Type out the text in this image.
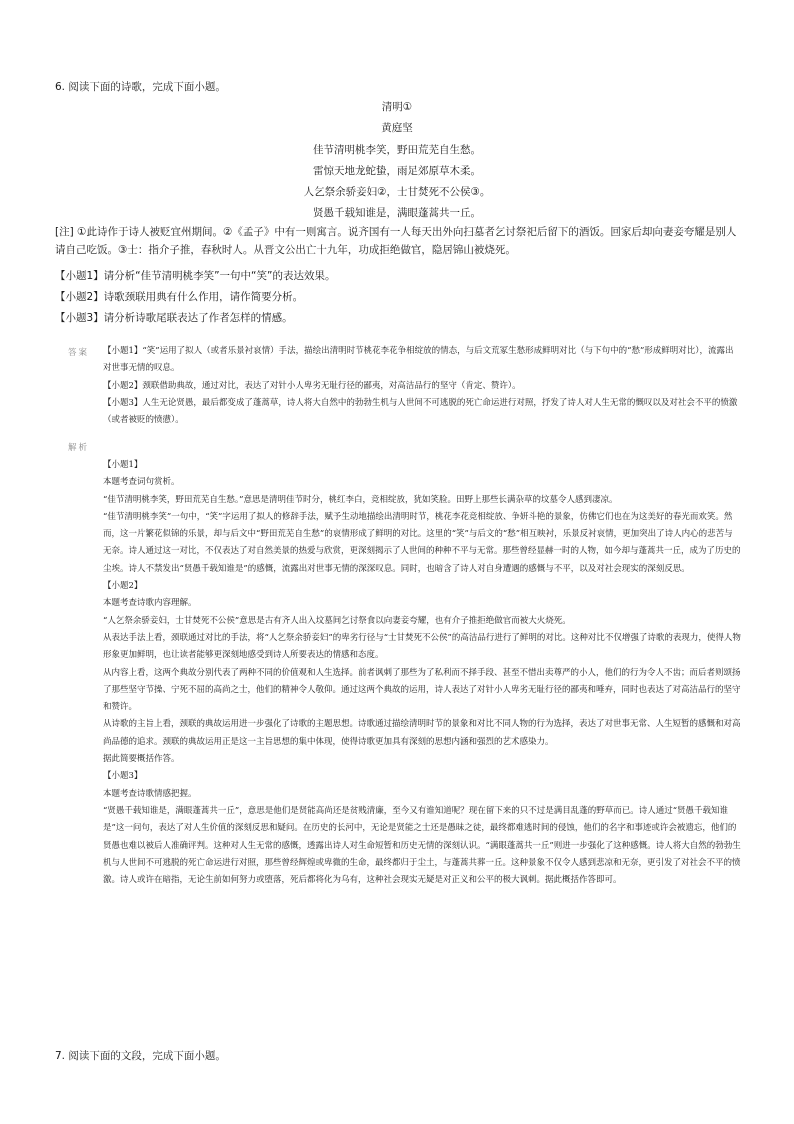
6. 阅读下面的诗歌，完成下面小题。
清明①
黄庭坚
佳节清明桃李笑，野田荒芜自生愁。
雷惊天地龙蛇蛰，雨足郊原草木柔。
人乞祭余骄妾妇②，士甘焚死不公侯③。
贤愚千载知谁是，满眼蓬蒿共一丘。
[注] ①此诗作于诗人被贬宜州期间。②《孟子》中有一则寓言。说齐国有一人每天出外向扫墓者乞讨祭祀后留下的酒饭。回家后却向妻妾夸耀是别人请自己吃饭。③士：指介子推，春秋时人。从晋文公出亡十九年，功成拒绝做官，隐居锦山被烧死。
【小题1】请分析“佳节清明桃李笑”一句中“笑”的表达效果。
【小题2】诗歌颈联用典有什么作用，请作简要分析。
【小题3】请分析诗歌尾联表达了作者怎样的情感。
答案 【小题1】“笑”运用了拟人（或者乐景衬哀情）手法，描绘出清明时节桃花李花争相绽放的情态，与后文荒冢生愁形成鲜明对比（与下句中的“愁”形成鲜明对比），流露出对世事无情的叹息。

【小题2】颈联借助典故，通过对比，表达了对针小人卑劣无耻行径的鄙夷，对高洁品行的坚守（肯定、赞许）。

【小题3】人生无论贤愚，最后都变成了蓬蒿草，诗人将大自然中的勃勃生机与人世间不可逃脱的死亡命运进行对照，抒发了诗人对人生无常的慨叹以及对社会不平的愤激（或者被贬的愤懑）。

解析

【小题1】

本题考查词句赏析。

“佳节清明桃李笑，野田荒芜自生愁。”意思是清明佳节时分，桃红李白，竞相绽放，犹如笑脸。田野上那些长满杂草的坟墓令人感到凄凉。

“佳节清明桃李笑”一句中，“笑”字运用了拟人的修辞手法，赋予生动地描绘出清明时节，桃花李花竞相绽放、争妍斗艳的景象，仿佛它们也在为这美好的春光而欢笑。然而，这一片繁花似锦的乐景，却与后文中“野田荒芜自生愁”的哀情形成了鲜明的对比。这里的“笑”与后文的“愁”相互映衬，乐景反衬哀情，更加突出了诗人内心的悲苦与无奈。诗人通过这一对比，不仅表达了对自然美景的热爱与欣赏，更深刻揭示了人世间的种种不平与无常。那些曾经显赫一时的人物，如今却与蓬蒿共一丘，成为了历史的尘埃。诗人不禁发出“贤愚千载知谁是”的感慨，流露出对世事无情的深深叹息。同时，也暗含了诗人对自身遭遇的感慨与不平，以及对社会现实的深刻反思。

【小题2】

本题考查诗歌内容理解。

“人乞祭余骄妾妇，士甘焚死不公侯”意思是古有齐人出入坟墓间乞讨祭食以向妻妾夸耀，也有介子推拒绝做官而被大火烧死。

从表达手法上看，颈联通过对比的手法，将“人乞祭余骄妾妇”的卑劣行径与“士甘焚死不公侯”的高洁品行进行了鲜明的对比。这种对比不仅增强了诗歌的表现力，使得人物形象更加鲜明，也让读者能够更深刻地感受到诗人所要表达的情感和态度。

从内容上看，这两个典故分别代表了两种不同的价值观和人生选择。前者讽刺了那些为了私利而不择手段、甚至不惜出卖尊严的小人，他们的行为令人不齿；而后者则颂扬了那些坚守节操、宁死不屈的高尚之士，他们的精神令人敬仰。通过这两个典故的运用，诗人表达了对针小人卑劣无耻行径的鄙夷和唾弃，同时也表达了对高洁品行的坚守和赞许。

从诗歌的主旨上看，颈联的典故运用进一步强化了诗歌的主题思想。诗歌通过描绘清明时节的景象和对比不同人物的行为选择，表达了对世事无常、人生短暂的感慨和对高尚品德的追求。颈联的典故运用正是这一主旨思想的集中体现，使得诗歌更加具有深刻的思想内涵和强烈的艺术感染力。

据此简要概括作答。

【小题3】

本题考查诗歌情感把握。

“贤愚千载知谁是，满眼蓬蒿共一丘”，意思是他们是贤能高尚还是贫贱清廉，至今又有谁知道呢？现在留下来的只不过是满目乱蓬的野草而已。诗人通过“贤愚千载知谁是”这一问句，表达了对人生价值的深刻反思和疑问。在历史的长河中，无论是贤能之士还是愚昧之徒，最终都难逃时间的侵蚀，他们的名字和事迹或许会被遗忘，他们的贤愚也难以被后人准确评判。这种对人生无常的感慨，透露出诗人对生命短暂和历史无情的深刻认识。“满眼蓬蒿共一丘”则进一步强化了这种感慨。诗人将大自然的勃勃生机与人世间不可逃脱的死亡命运进行对照，那些曾经辉煌或卑微的生命，最终都归于尘土，与蓬蒿共葬一丘。这种景象不仅令人感到悲凉和无奈，更引发了对社会不平的愤激。诗人或许在暗指，无论生前如何努力或堕落，死后都将化为乌有，这种社会现实无疑是对正义和公平的极大讽刺。据此概括作答即可。

7. 阅读下面的文段，完成下面小题。
